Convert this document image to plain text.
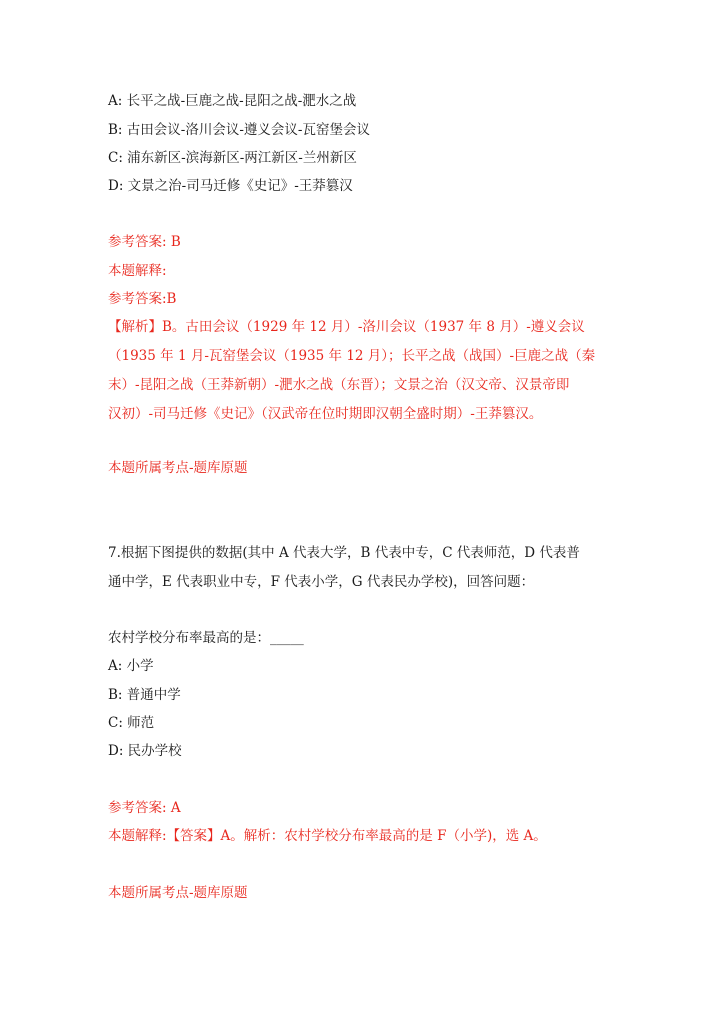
A: 长平之战-巨鹿之战-昆阳之战-淝水之战
B: 古田会议-洛川会议-遵义会议-瓦窑堡会议
C: 浦东新区-滨海新区-两江新区-兰州新区
D: 文景之治-司马迁修《史记》-王莽篡汉
参考答案: B
本题解释:
参考答案:B
【解析】B。古田会议（1929 年 12 月）-洛川会议（1937 年 8 月）-遵义会议
（1935 年 1 月-瓦窑堡会议（1935 年 12 月）；长平之战（战国）-巨鹿之战（秦
末）-昆阳之战（王莽新朝）-淝水之战（东晋）；文景之治（汉文帝、汉景帝即
汉初）-司马迁修《史记》（汉武帝在位时期即汉朝全盛时期）-王莽篡汉。
本题所属考点-题库原题
7.根据下图提供的数据(其中 A 代表大学，B 代表中专，C 代表师范，D 代表普
通中学，E 代表职业中专，F 代表小学，G 代表民办学校)，回答问题：
农村学校分布率最高的是：_____
A: 小学
B: 普通中学
C: 师范
D: 民办学校
参考答案: A
本题解释:【答案】A。解析：农村学校分布率最高的是 F（小学)，选 A。
本题所属考点-题库原题
